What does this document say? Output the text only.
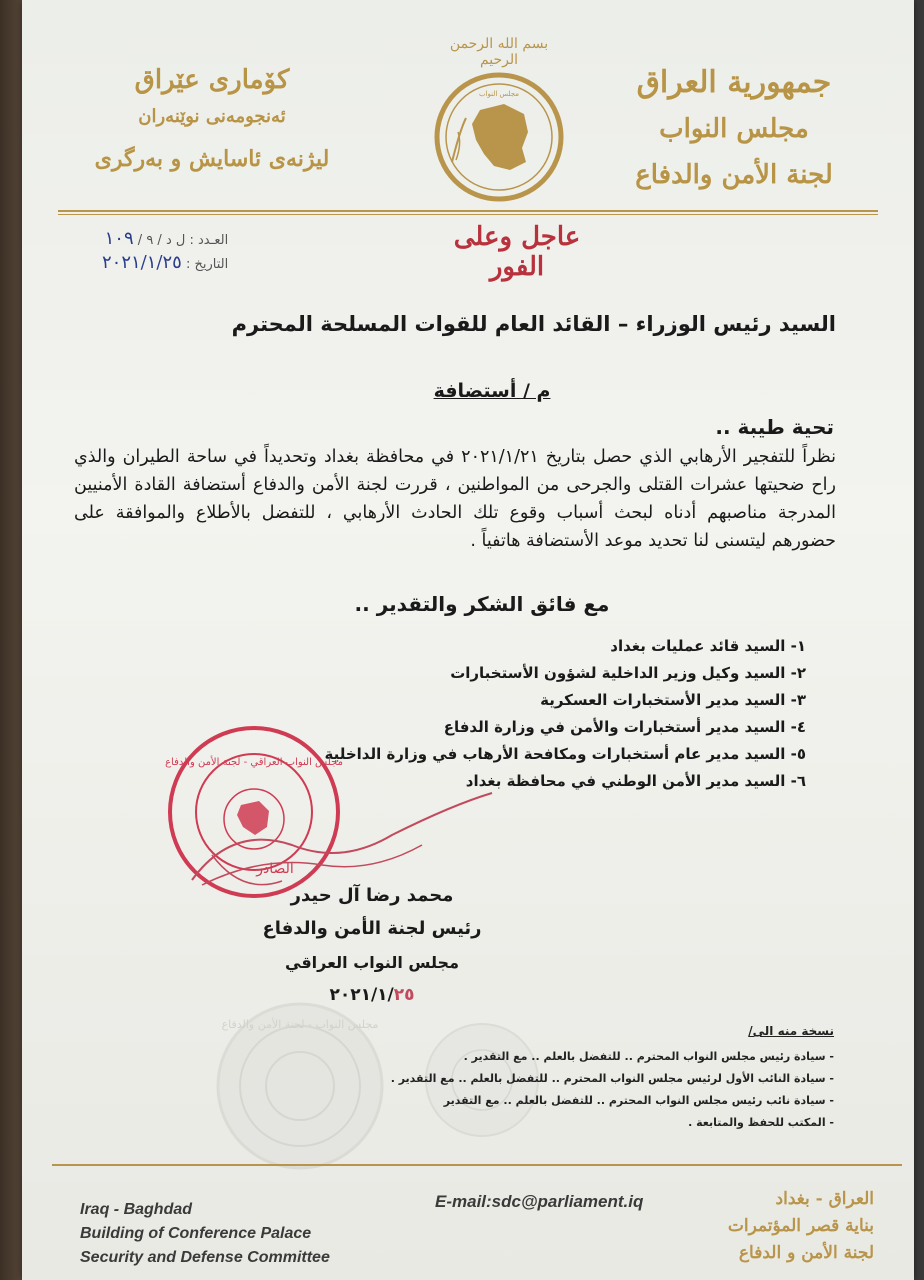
جمهورية العراق
مجلس النواب
لجنة الأمن والدفاع
كۆماری عێراق
ئەنجومەنی نوێنەران
لیژنەی ئاسایش و بەرگری
بسم الله الرحمن الرحيم
مجلس النواب
العـدد : ل د / ٩ / ١٠٩
التاريخ : ٢٠٢١/١/٢٥
عاجل وعلى الفور
السيد رئيس الوزراء – القائد العام للقوات المسلحة المحترم
م / أستضافة
تحية طيبة ..
نظراً للتفجير الأرهابي الذي حصل بتاريخ ٢٠٢١/١/٢١ في محافظة بغداد وتحديداً في ساحة الطيران والذي راح ضحيتها عشرات القتلى والجرحى من المواطنين ، قررت لجنة الأمن والدفاع أستضافة القادة الأمنيين المدرجة مناصبهم أدناه لبحث أسباب وقوع تلك الحادث الأرهابي ، للتفضل بالأطلاع والموافقة على حضورهم ليتسنى لنا تحديد موعد الأستضافة هاتفياً .
مع فائق الشكر والتقدير ..
١- السيد قائد عمليات بغداد
٢- السيد وكيل وزير الداخلية لشؤون الأستخبارات
٣- السيد مدير الأستخبارات العسكرية
٤- السيد مدير أستخبارات والأمن في وزارة الدفاع
٥- السيد مدير عام أستخبارات ومكافحة الأرهاب في وزارة الداخلية
٦- السيد مدير الأمن الوطني في محافظة بغداد
مجلس النواب العراقي - لجنة الأمن والدفاع
الصادر
محمد رضا آل حيدر
رئيس لجنة الأمن والدفاع
مجلس النواب العراقي
٢٠٢١/١/٢٥
مجلس النواب - لجنة الأمن والدفاع	نسخة منه الى/
- سيادة رئيس مجلس النواب المحترم .. للتفضل بالعلم .. مع التقدير .
- سيادة النائب الأول لرئيس مجلس النواب المحترم .. للتفضل بالعلم .. مع التقدير .
- سيادة نائب رئيس مجلس النواب المحترم .. للتفضل بالعلم .. مع التقدير
- المكتب للحفظ والمتابعة .
Iraq - Baghdad
Building of Conference Palace
Security and Defense Committee
E-mail:sdc@parliament.iq	العراق - بغداد
بناية قصر المؤتمرات
لجنة الأمن و الدفاع
